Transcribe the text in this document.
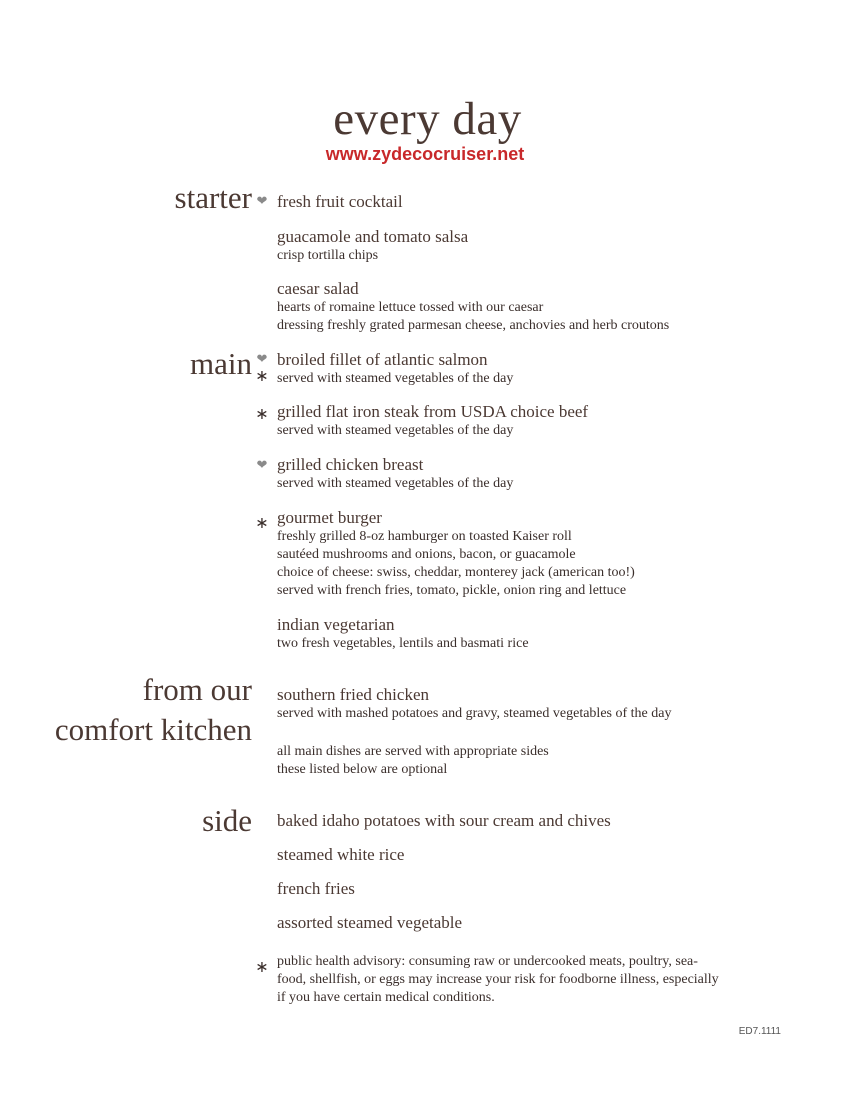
every day
www.zydecocruiser.net
starter
main
from our
comfort kitchen
side
❤
❤
∗
∗
❤
∗
∗
fresh fruit cocktail
guacamole and tomato salsa
crisp tortilla chips
caesar salad
hearts of romaine lettuce tossed with our caesar
dressing freshly grated parmesan cheese, anchovies and herb croutons
broiled fillet of atlantic salmon
served with steamed vegetables of the day
grilled flat iron steak from USDA choice beef
served with steamed vegetables of the day
grilled chicken breast
served with steamed vegetables of the day
gourmet burger
freshly grilled 8-oz hamburger on toasted Kaiser roll
sautéed mushrooms and onions, bacon, or guacamole
choice of cheese: swiss, cheddar, monterey jack (american too!)
served with french fries, tomato, pickle, onion ring and lettuce
indian vegetarian
two fresh vegetables, lentils and basmati rice
southern fried chicken
served with mashed potatoes and gravy, steamed vegetables of the day
all main dishes are served with appropriate sides
these listed below are optional
baked idaho potatoes with sour cream and chives
steamed white rice
french fries
assorted steamed vegetable
public health advisory: consuming raw or undercooked meats, poultry, sea-
food, shellfish, or eggs may increase your risk for foodborne illness, especially
if you have certain medical conditions.
ED7.1111
